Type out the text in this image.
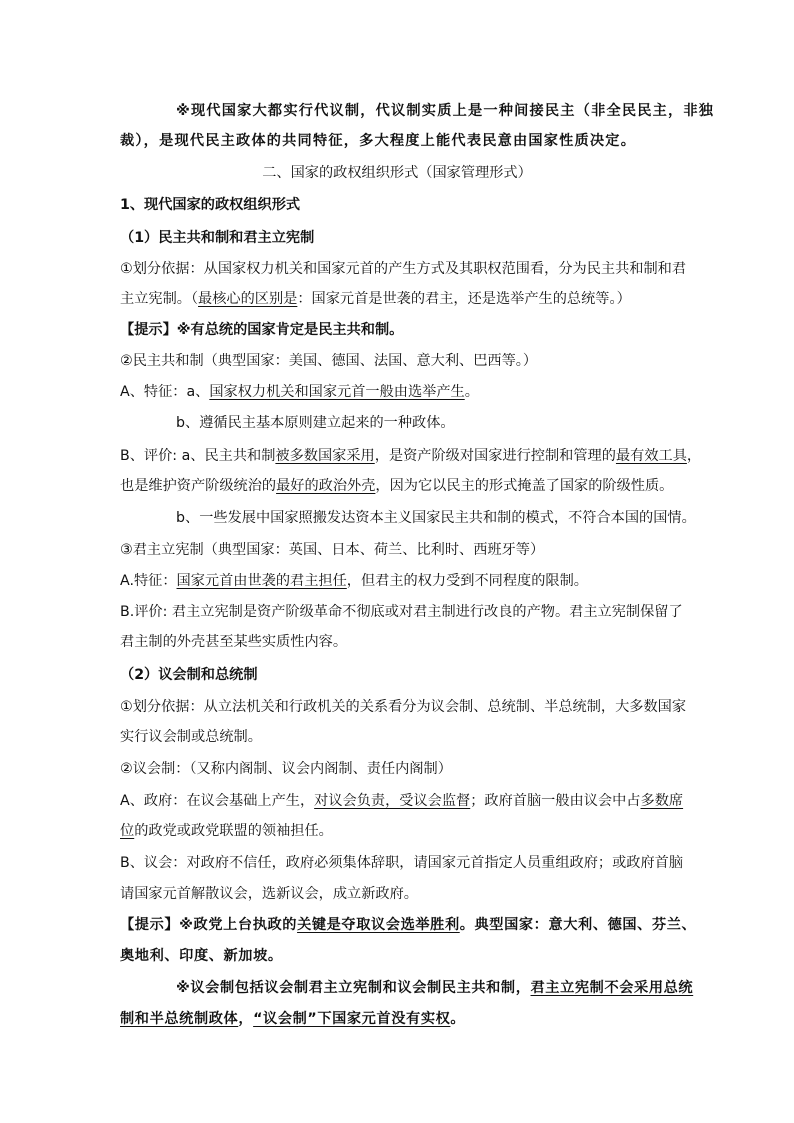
※现代国家大都实行代议制，代议制实质上是一种间接民主（非全民民主，非独
裁），是现代民主政体的共同特征，多大程度上能代表民意由国家性质决定。
二、国家的政权组织形式（国家管理形式）
1、现代国家的政权组织形式
（1）民主共和制和君主立宪制
①划分依据：从国家权力机关和国家元首的产生方式及其职权范围看，分为民主共和制和君
主立宪制。（最核心的区别是：国家元首是世袭的君主，还是选举产生的总统等。）
【提示】※有总统的国家肯定是民主共和制。
②民主共和制（典型国家：美国、德国、法国、意大利、巴西等。）
A、特征：a、国家权力机关和国家元首一般由选举产生。
b、遵循民主基本原则建立起来的一种政体。
B、评价: a、民主共和制被多数国家采用，是资产阶级对国家进行控制和管理的最有效工具，
也是维护资产阶级统治的最好的政治外壳，因为它以民主的形式掩盖了国家的阶级性质。
b、一些发展中国家照搬发达资本主义国家民主共和制的模式，不符合本国的国情。
③君主立宪制（典型国家：英国、日本、荷兰、比利时、西班牙等）
A.特征：国家元首由世袭的君主担任，但君主的权力受到不同程度的限制。
B.评价: 君主立宪制是资产阶级革命不彻底或对君主制进行改良的产物。君主立宪制保留了
君主制的外壳甚至某些实质性内容。
（2）议会制和总统制
①划分依据：从立法机关和行政机关的关系看分为议会制、总统制、半总统制，大多数国家
实行议会制或总统制。
②议会制：（又称内阁制、议会内阁制、责任内阁制）
A、政府：在议会基础上产生，对议会负责，受议会监督；政府首脑一般由议会中占多数席
位的政党或政党联盟的领袖担任。
B、议会：对政府不信任，政府必须集体辞职，请国家元首指定人员重组政府；或政府首脑
请国家元首解散议会，选新议会，成立新政府。
【提示】※政党上台执政的关键是夺取议会选举胜利。典型国家：意大利、德国、芬兰、
奥地利、印度、新加坡。
※议会制包括议会制君主立宪制和议会制民主共和制，君主立宪制不会采用总统
制和半总统制政体，“议会制”下国家元首没有实权。
